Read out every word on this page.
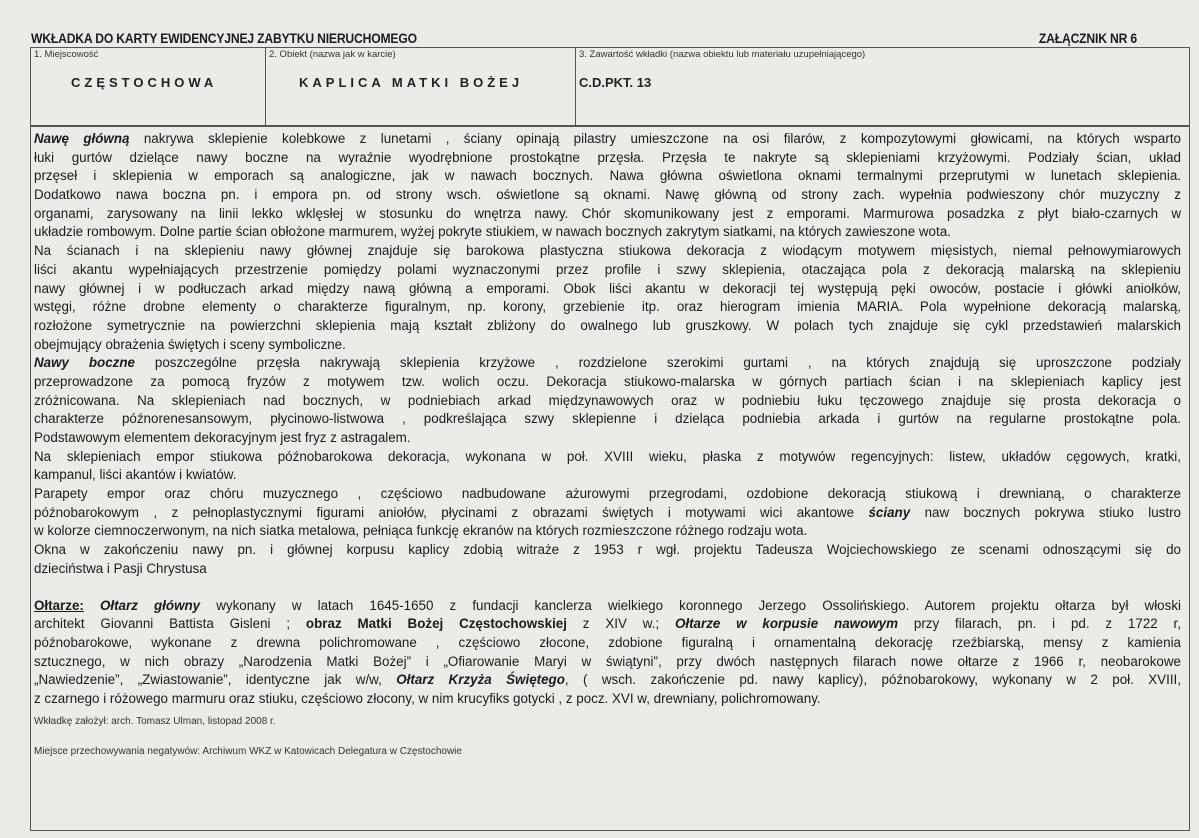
WKŁADKA DO KARTY EWIDENCYJNEJ ZABYTKU NIERUCHOMEGO	ZAŁĄCZNIK NR 6
1. Miejscowość
CZĘSTOCHOWA
2. Obiekt (nazwa jak w karcie)
KAPLICA MATKI BOŻEJ
3. Zawartość wkładki (nazwa obiektu lub materiału uzupełniającego)
C.D.PKT. 13
Nawę główną nakrywa sklepienie kolebkowe z lunetami , ściany opinają pilastry umieszczone na osi filarów, z kompozytowymi głowicami, na których wsparto
łuki gurtów dzielące nawy boczne na wyraźnie wyodrębnione prostokątne przęsła. Przęsła te nakryte są sklepieniami krzyżowymi. Podziały ścian, układ
przęseł i sklepienia w emporach są analogiczne, jak w nawach bocznych. Nawa główna oświetlona oknami termalnymi przeprutymi w lunetach sklepienia.
Dodatkowo nawa boczna pn. i empora pn. od strony wsch. oświetlone są oknami. Nawę główną od strony zach. wypełnia podwieszony chór muzyczny z
organami, zarysowany na linii lekko wklęsłej w stosunku do wnętrza nawy. Chór skomunikowany jest z emporami. Marmurowa posadzka z płyt biało-czarnych w
układzie rombowym. Dolne partie ścian obłożone marmurem, wyżej pokryte stiukiem, w nawach bocznych zakrytym siatkami, na których zawieszone wota.
Na ścianach i na sklepieniu nawy głównej znajduje się barokowa plastyczna stiukowa dekoracja z wiodącym motywem mięsistych, niemal pełnowymiarowych
liści akantu wypełniających przestrzenie pomiędzy polami wyznaczonymi przez profile i szwy sklepienia, otaczająca pola z dekoracją malarską na sklepieniu
nawy głównej i w podłuczach arkad między nawą główną a emporami. Obok liści akantu w dekoracji tej występują pęki owoców, postacie i główki aniołków,
wstęgi, różne drobne elementy o charakterze figuralnym, np. korony, grzebienie itp. oraz hierogram imienia MARIA. Pola wypełnione dekoracją malarską,
rozłożone symetrycznie na powierzchni sklepienia mają kształt zbliżony do owalnego lub gruszkowy. W polach tych znajduje się cykl przedstawień malarskich
obejmujący obrażenia świętych i sceny symboliczne.
Nawy boczne poszczególne przęsła nakrywają sklepienia krzyżowe , rozdzielone szerokimi gurtami , na których znajdują się uproszczone podziały
przeprowadzone za pomocą fryzów z motywem tzw. wolich oczu. Dekoracja stiukowo-malarska w górnych partiach ścian i na sklepieniach kaplicy jest
zróżnicowana. Na sklepieniach nad bocznych, w podniebiach arkad międzynawowych oraz w podniebiu łuku tęczowego znajduje się prosta dekoracja o
charakterze późnorenesansowym, płycinowo-listwowa , podkreślająca szwy sklepienne i dzieląca podniebia arkada i gurtów na regularne prostokątne pola.
Podstawowym elementem dekoracyjnym jest fryz z astragalem.
Na sklepieniach empor stiukowa późnobarokowa dekoracja, wykonana w poł. XVIII wieku, płaska z motywów regencyjnych: listew, układów cęgowych, kratki,
kampanul, liści akantów i kwiatów.
Parapety empor oraz chóru muzycznego , częściowo nadbudowane ażurowymi przegrodami, ozdobione dekoracją stiukową i drewnianą, o charakterze
późnobarokowym , z pełnoplastycznymi figurami aniołów, płycinami z obrazami świętych i motywami wici akantowe ściany naw bocznych pokrywa stiuko lustro
w kolorze ciemnoczerwonym, na nich siatka metalowa, pełniąca funkcję ekranów na których rozmieszczone różnego rodzaju wota.
Okna w zakończeniu nawy pn. i głównej korpusu kaplicy zdobią witraże z 1953 r wgł. projektu Tadeusza Wojciechowskiego ze scenami odnoszącymi się do
dzieciństwa i Pasji Chrystusa
Ołtarze: Ołtarz główny wykonany w latach 1645-1650 z fundacji kanclerza wielkiego koronnego Jerzego Ossolińskiego. Autorem projektu ołtarza był włoski
architekt Giovanni Battista Gisleni ; obraz Matki Bożej Częstochowskiej z XIV w.; Ołtarze w korpusie nawowym przy filarach, pn. i pd. z 1722 r,
późnobarokowe, wykonane z drewna polichromowane , częściowo złocone, zdobione figuralną i ornamentalną dekorację rzeźbiarską, mensy z kamienia
sztucznego, w nich obrazy „Narodzenia Matki Bożej” i „Ofiarowanie Maryi w świątyni”, przy dwóch następnych filarach nowe ołtarze z 1966 r, neobarokowe
„Nawiedzenie”, „Zwiastowanie”, identyczne jak w/w, Ołtarz Krzyża Świętego, ( wsch. zakończenie pd. nawy kaplicy), późnobarokowy, wykonany w 2 poł. XVIII,
z czarnego i różowego marmuru oraz stiuku, częściowo złocony, w nim krucyfiks gotycki , z pocz. XVI w, drewniany, polichromowany.
Wkładkę założył: arch. Tomasz Ulman, listopad 2008 r.
Miejsce przechowywania negatywów: Archiwum WKZ w Katowicach Delegatura w Częstochowie
